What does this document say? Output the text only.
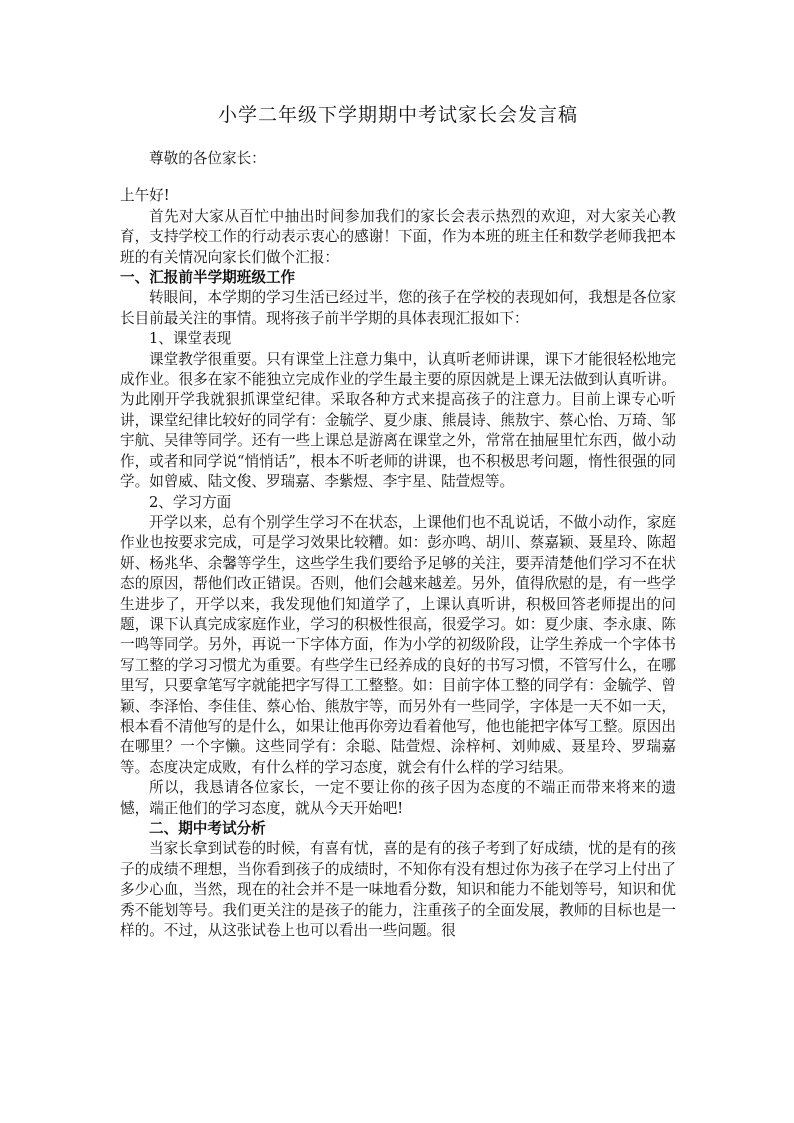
小学二年级下学期期中考试家长会发言稿

尊敬的各位家长：

上午好!

首先对大家从百忙中抽出时间参加我们的家长会表示热烈的欢迎，对大家关心教育，支持学校工作的行动表示衷心的感谢！下面，作为本班的班主任和数学老师我把本班的有关情况向家长们做个汇报：

一、汇报前半学期班级工作

转眼间，本学期的学习生活已经过半，您的孩子在学校的表现如何，我想是各位家长目前最关注的事情。现将孩子前半学期的具体表现汇报如下：

1、课堂表现

课堂教学很重要。只有课堂上注意力集中，认真听老师讲课，课下才能很轻松地完成作业。很多在家不能独立完成作业的学生最主要的原因就是上课无法做到认真听讲。为此刚开学我就狠抓课堂纪律。采取各种方式来提高孩子的注意力。目前上课专心听讲，课堂纪律比较好的同学有：金毓学、夏少康、熊晨诗、熊敖宇、蔡心怡、万琦、邹宇航、吴律等同学。还有一些上课总是游离在课堂之外，常常在抽屉里忙东西，做小动作，或者和同学说“悄悄话”，根本不听老师的讲课，也不积极思考问题，惰性很强的同学。如曾威、陆文俊、罗瑞嘉、李紫煜、李宇星、陆萱煜等。

2、学习方面

开学以来，总有个别学生学习不在状态，上课他们也不乱说话，不做小动作，家庭作业也按要求完成，可是学习效果比较糟。如：彭亦鸣、胡川、蔡嘉颖、聂星玲、陈超妍、杨兆华、余馨等学生，这些学生我们要给予足够的关注，要弄清楚他们学习不在状态的原因，帮他们改正错误。否则，他们会越来越差。另外，值得欣慰的是，有一些学生进步了，开学以来，我发现他们知道学了，上课认真听讲，积极回答老师提出的问题，课下认真完成家庭作业，学习的积极性很高，很爱学习。如：夏少康、李永康、陈一鸣等同学。另外，再说一下字体方面，作为小学的初级阶段，让学生养成一个字体书写工整的学习习惯尤为重要。有些学生已经养成的良好的书写习惯，不管写什么，在哪里写，只要拿笔写字就能把字写得工工整整。如：目前字体工整的同学有：金毓学、曾颖、李泽怡、李佳佳、蔡心怡、熊敖宇等，而另外有一些同学，字体是一天不如一天，根本看不清他写的是什么，如果让他再你旁边看着他写，他也能把字体写工整。原因出在哪里？一个字懒。这些同学有：余聪、陆萱煜、涂梓柯、刘帅威、聂星玲、罗瑞嘉等。态度决定成败，有什么样的学习态度，就会有什么样的学习结果。

所以，我恳请各位家长，一定不要让你的孩子因为态度的不端正而带来将来的遗憾，端正他们的学习态度，就从今天开始吧!

二、期中考试分析

当家长拿到试卷的时候，有喜有忧，喜的是有的孩子考到了好成绩，忧的是有的孩子的成绩不理想，当你看到孩子的成绩时，不知你有没有想过你为孩子在学习上付出了多少心血，当然，现在的社会并不是一味地看分数，知识和能力不能划等号，知识和优秀不能划等号。我们更关注的是孩子的能力，注重孩子的全面发展，教师的目标也是一样的。不过，从这张试卷上也可以看出一些问题。很
